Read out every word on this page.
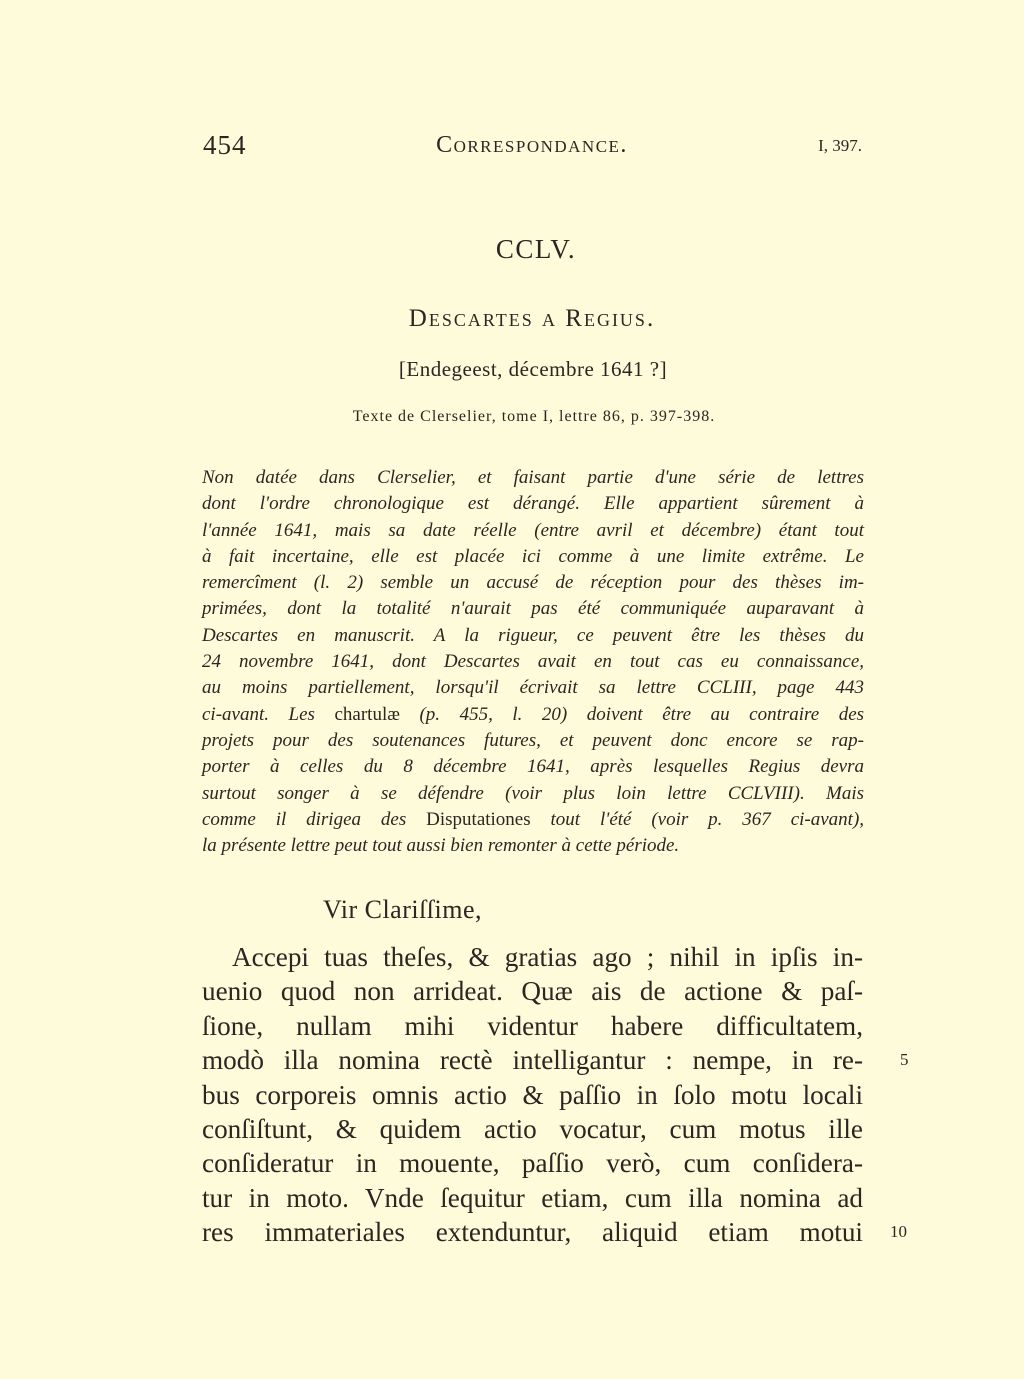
454	Correspondance.	I, 397.
CCLV.
Descartes a Regius.
[Endegeest, décembre 1641 ?]
Texte de Clerselier, tome I, lettre 86, p. 397-398.
Non datée dans Clerselier, et faisant partie d'une série de lettres
dont l'ordre chronologique est dérangé. Elle appartient sûrement à
l'année 1641, mais sa date réelle (entre avril et décembre) étant tout
à fait incertaine, elle est placée ici comme à une limite extrême. Le
remercîment (l. 2) semble un accusé de réception pour des thèses im-
primées, dont la totalité n'aurait pas été communiquée auparavant à
Descartes en manuscrit. A la rigueur, ce peuvent être les thèses du
24 novembre 1641, dont Descartes avait en tout cas eu connaissance,
au moins partiellement, lorsqu'il écrivait sa lettre CCLIII, page 443
ci-avant. Les chartulæ (p. 455, l. 20) doivent être au contraire des
projets pour des soutenances futures, et peuvent donc encore se rap-
porter à celles du 8 décembre 1641, après lesquelles Regius devra
surtout songer à se défendre (voir plus loin lettre CCLVIII). Mais
comme il dirigea des Disputationes tout l'été (voir p. 367 ci-avant),
la présente lettre peut tout aussi bien remonter à cette période.
Vir Clariſſime,
Accepi tuas theſes, & gratias ago ; nihil in ipſis in-
uenio quod non arrideat. Quæ ais de actione & paſ-
ſione, nullam mihi videntur habere difficultatem,
modò illa nomina rectè intelligantur : nempe, in re-
bus corporeis omnis actio & paſſio in ſolo motu locali
conſiſtunt, & quidem actio vocatur, cum motus ille
conſideratur in mouente, paſſio verò, cum conſidera-
tur in moto. Vnde ſequitur etiam, cum illa nomina ad
res immateriales extenduntur, aliquid etiam motui
5
10
